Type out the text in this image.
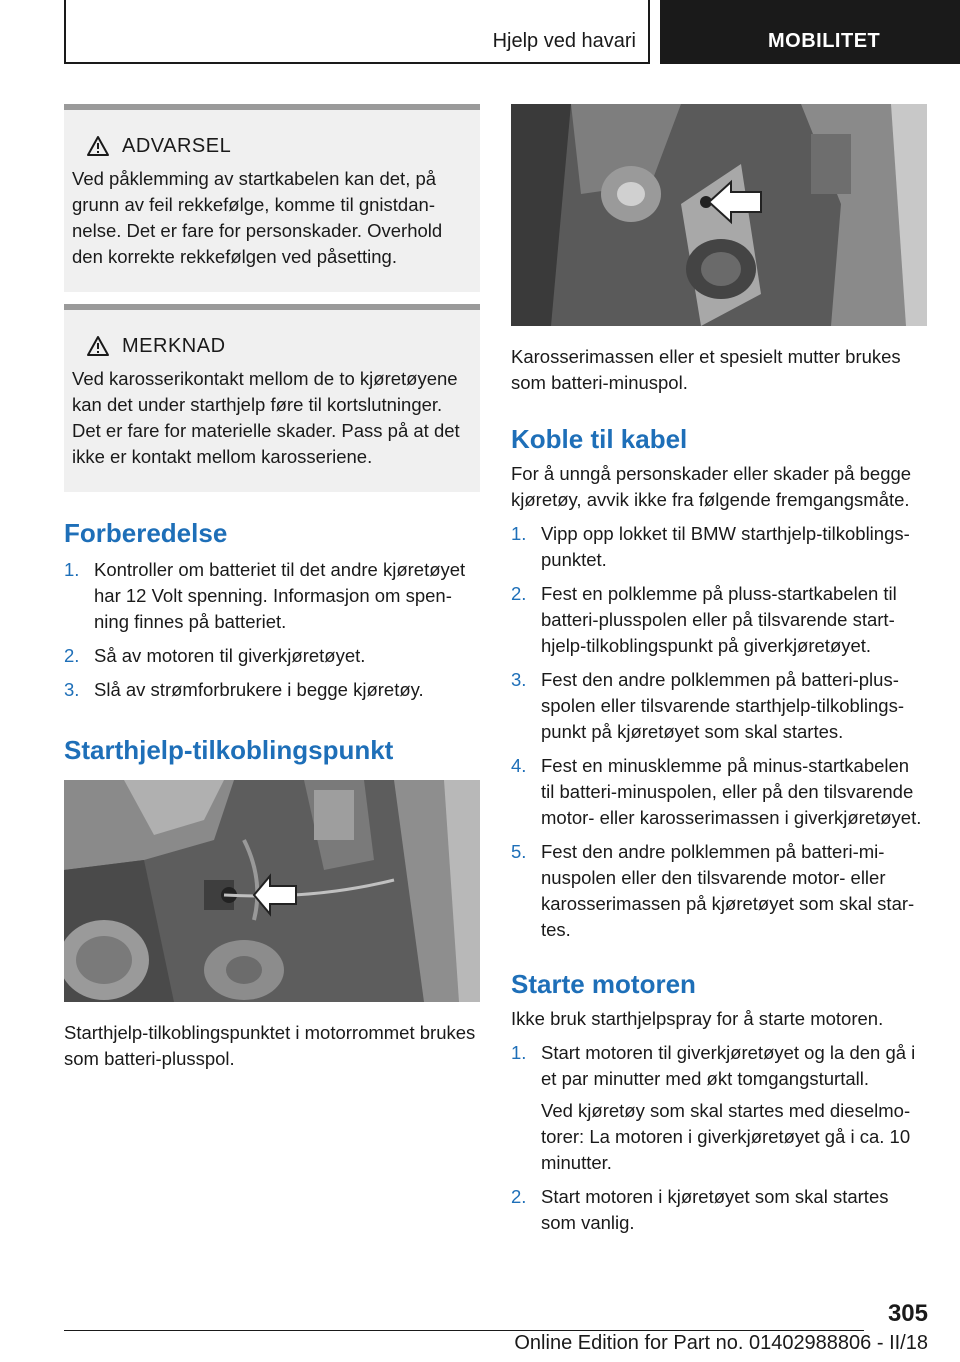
Hjelp ved havari	MOBILITET
ADVARSEL

Ved påklemming av startkabelen kan det, på grunn av feil rekkefølge, komme til gnistdannelse. Det er fare for personskader. Overhold den korrekte rekkefølgen ved påsetting.

MERKNAD

Ved karosserikontakt mellom de to kjøretøyene kan det under starthjelp føre til kortslutninger. Det er fare for materielle skader. Pass på at det ikke er kontakt mellom karosseriene.

Forberedelse
1. Kontroller om batteriet til det andre kjøretøyet har 12 Volt spenning. Informasjon om spenning finnes på batteriet.
2. Så av motoren til giverkjøretøyet.
3. Slå av strømforbrukere i begge kjøretøy.
Starthjelp-tilkoblingspunkt

Starthjelp-tilkoblingspunktet i motorrommet brukes som batteri-plusspol.

Karosserimassen eller et spesielt mutter brukes som batteri-minuspol.

Koble til kabel

For å unngå personskader eller skader på begge kjøretøy, avvik ikke fra følgende fremgangsmåte.

1. Vipp opp lokket til BMW starthjelp-tilkoblingspunktet.
2. Fest en polklemme på pluss-startkabelen til batteri-plusspolen eller på tilsvarende starthjelp-tilkoblingspunkt på giverkjøretøyet.
3. Fest den andre polklemmen på batteri-plusspolen eller tilsvarende starthjelp-tilkoblingspunkt på kjøretøyet som skal startes.
4. Fest en minusklemme på minus-startkabelen til batteri-minuspolen, eller på den tilsvarende motor- eller karosserimassen i giverkjøretøyet.
5. Fest den andre polklemmen på batteri-minuspolen eller den tilsvarende motor- eller karosserimassen på kjøretøyet som skal startes.
Starte motoren

Ikke bruk starthjelpspray for å starte motoren.

1. Start motoren til giverkjøretøyet og la den gå i et par minutter med økt tomgangsturtall.

Ved kjøretøy som skal startes med dieselmotorer: La motoren i giverkjøretøyet gå i ca. 10 minutter.

2. Start motoren i kjøretøyet som skal startes som vanlig.
305
Online Edition for Part no. 01402988806 - II/18
